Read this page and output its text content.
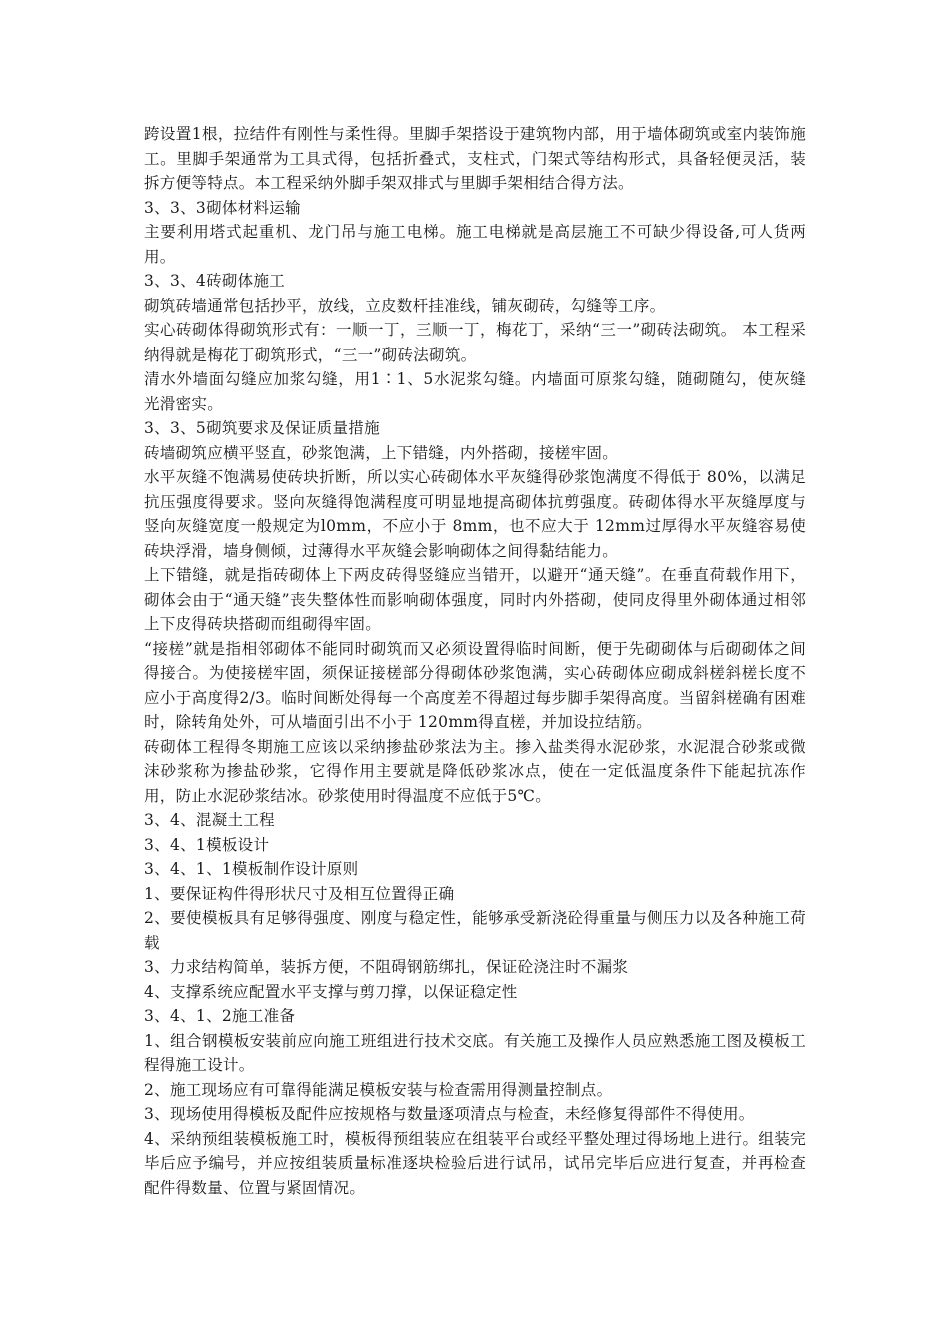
跨设置1根，拉结件有刚性与柔性得。里脚手架搭设于建筑物内部，用于墙体砌筑或室内装饰施工。里脚手架通常为工具式得，包括折叠式，支柱式，门架式等结构形式，具备轻便灵活，装拆方便等特点。本工程采纳外脚手架双排式与里脚手架相结合得方法。

3、3、3砌体材料运输

主要利用塔式起重机、龙门吊与施工电梯。施工电梯就是高层施工不可缺少得设备,可人货两用。

3、3、4砖砌体施工

砌筑砖墙通常包括抄平，放线，立皮数杆挂准线，铺灰砌砖，勾缝等工序。

实心砖砌体得砌筑形式有：一顺一丁，三顺一丁，梅花丁，采纳“三一”砌砖法砌筑。 本工程采纳得就是梅花丁砌筑形式，“三一”砌砖法砌筑。

清水外墙面勾缝应加浆勾缝，用1∶1、5水泥浆勾缝。内墙面可原浆勾缝，随砌随勾，使灰缝光滑密实。

3、3、5砌筑要求及保证质量措施

砖墙砌筑应横平竖直，砂浆饱满，上下错缝，内外搭砌，接槎牢固。

水平灰缝不饱满易使砖块折断，所以实心砖砌体水平灰缝得砂浆饱满度不得低于 80%，以满足抗压强度得要求。竖向灰缝得饱满程度可明显地提高砌体抗剪强度。砖砌体得水平灰缝厚度与竖向灰缝宽度一般规定为l0mm，不应小于 8mm，也不应大于 12mm过厚得水平灰缝容易使砖块浮滑，墙身侧倾，过薄得水平灰缝会影响砌体之间得黏结能力。

上下错缝，就是指砖砌体上下两皮砖得竖缝应当错开，以避开“通天缝”。在垂直荷载作用下，砌体会由于“通天缝”丧失整体性而影响砌体强度，同时内外搭砌，使同皮得里外砌体通过相邻上下皮得砖块搭砌而组砌得牢固。

“接槎”就是指相邻砌体不能同时砌筑而又必须设置得临时间断，便于先砌砌体与后砌砌体之间得接合。为使接槎牢固，须保证接槎部分得砌体砂浆饱满，实心砖砌体应砌成斜槎斜槎长度不应小于高度得2/3。临时间断处得每一个高度差不得超过每步脚手架得高度。当留斜槎确有困难时，除转角处外，可从墙面引出不小于 120mm得直槎，并加设拉结筋。

砖砌体工程得冬期施工应该以采纳掺盐砂浆法为主。掺入盐类得水泥砂浆，水泥混合砂浆或微沫砂浆称为掺盐砂浆，它得作用主要就是降低砂浆冰点，使在一定低温度条件下能起抗冻作用，防止水泥砂浆结冰。砂浆使用时得温度不应低于5℃。

3、4、混凝土工程

3、4、1模板设计

3、4、1、1模板制作设计原则

1、要保证构件得形状尺寸及相互位置得正确

2、要使模板具有足够得强度、刚度与稳定性，能够承受新浇砼得重量与侧压力以及各种施工荷载

3、力求结构简单，装拆方便，不阻碍钢筋绑扎，保证砼浇注时不漏浆

4、支撑系统应配置水平支撑与剪刀撑，以保证稳定性

3、4、1、2施工准备

1、组合钢模板安装前应向施工班组进行技术交底。有关施工及操作人员应熟悉施工图及模板工程得施工设计。

2、施工现场应有可靠得能满足模板安装与检查需用得测量控制点。

3、现场使用得模板及配件应按规格与数量逐项清点与检查，未经修复得部件不得使用。

4、采纳预组装模板施工时，模板得预组装应在组装平台或经平整处理过得场地上进行。组装完毕后应予编号，并应按组装质量标准逐块检验后进行试吊，试吊完毕后应进行复查，并再检查配件得数量、位置与紧固情况。
